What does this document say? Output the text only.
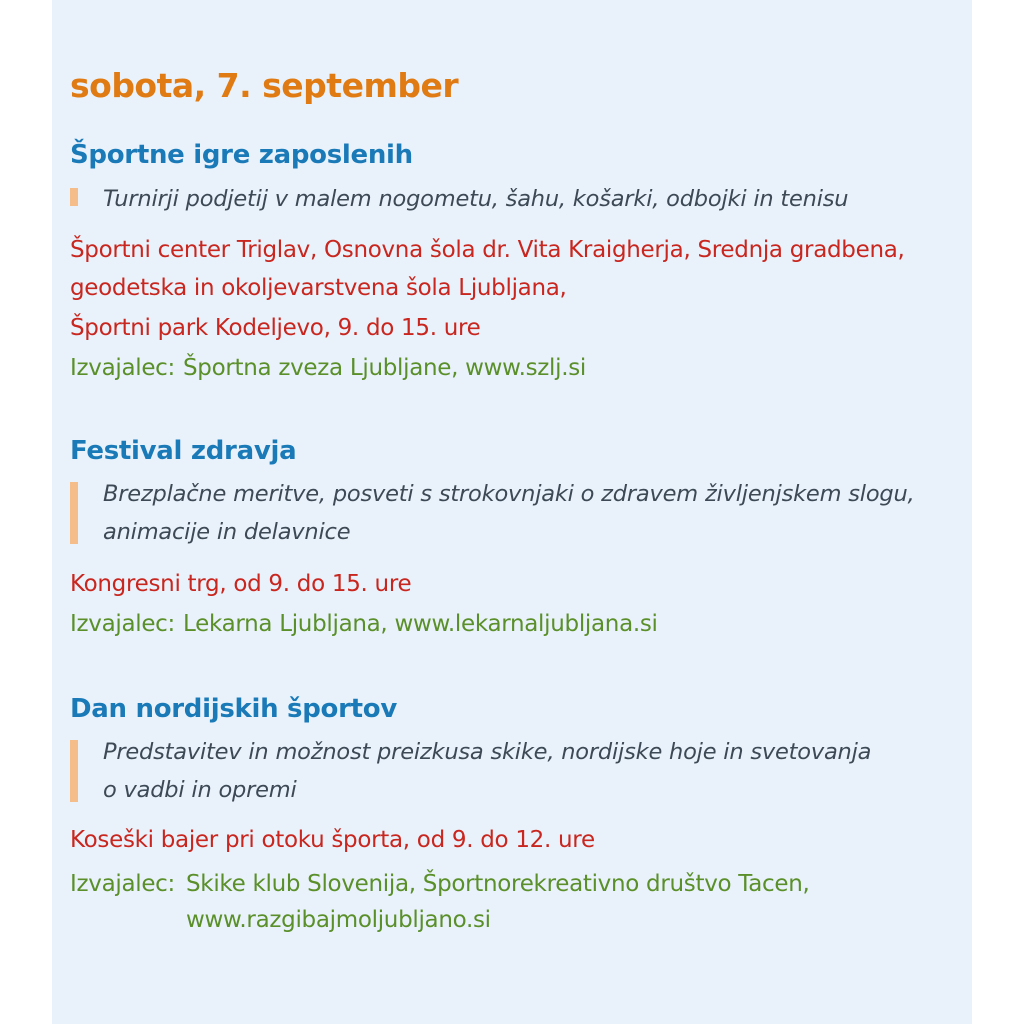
sobota, 7. september
Športne igre zaposlenih
Turnirji podjetij v malem nogometu, šahu, košarki, odbojki in tenisu
Športni center Triglav, Osnovna šola dr. Vita Kraigherja, Srednja gradbena,
geodetska in okoljevarstvena šola Ljubljana,
Športni park Kodeljevo, 9. do 15. ure
Izvajalec: Športna zveza Ljubljane, www.szlj.si
Festival zdravja
Brezplačne meritve, posveti s strokovnjaki o zdravem življenjskem slogu,
animacije in delavnice
Kongresni trg, od 9. do 15. ure
Izvajalec: Lekarna Ljubljana, www.lekarnaljubljana.si
Dan nordijskih športov
Predstavitev in možnost preizkusa skike, nordijske hoje in svetovanja
o vadbi in opremi
Koseški bajer pri otoku športa, od 9. do 12. ure
Izvajalec: Skike klub Slovenija, Športnorekreativno društvo Tacen,
www.razgibajmoljubljano.si
